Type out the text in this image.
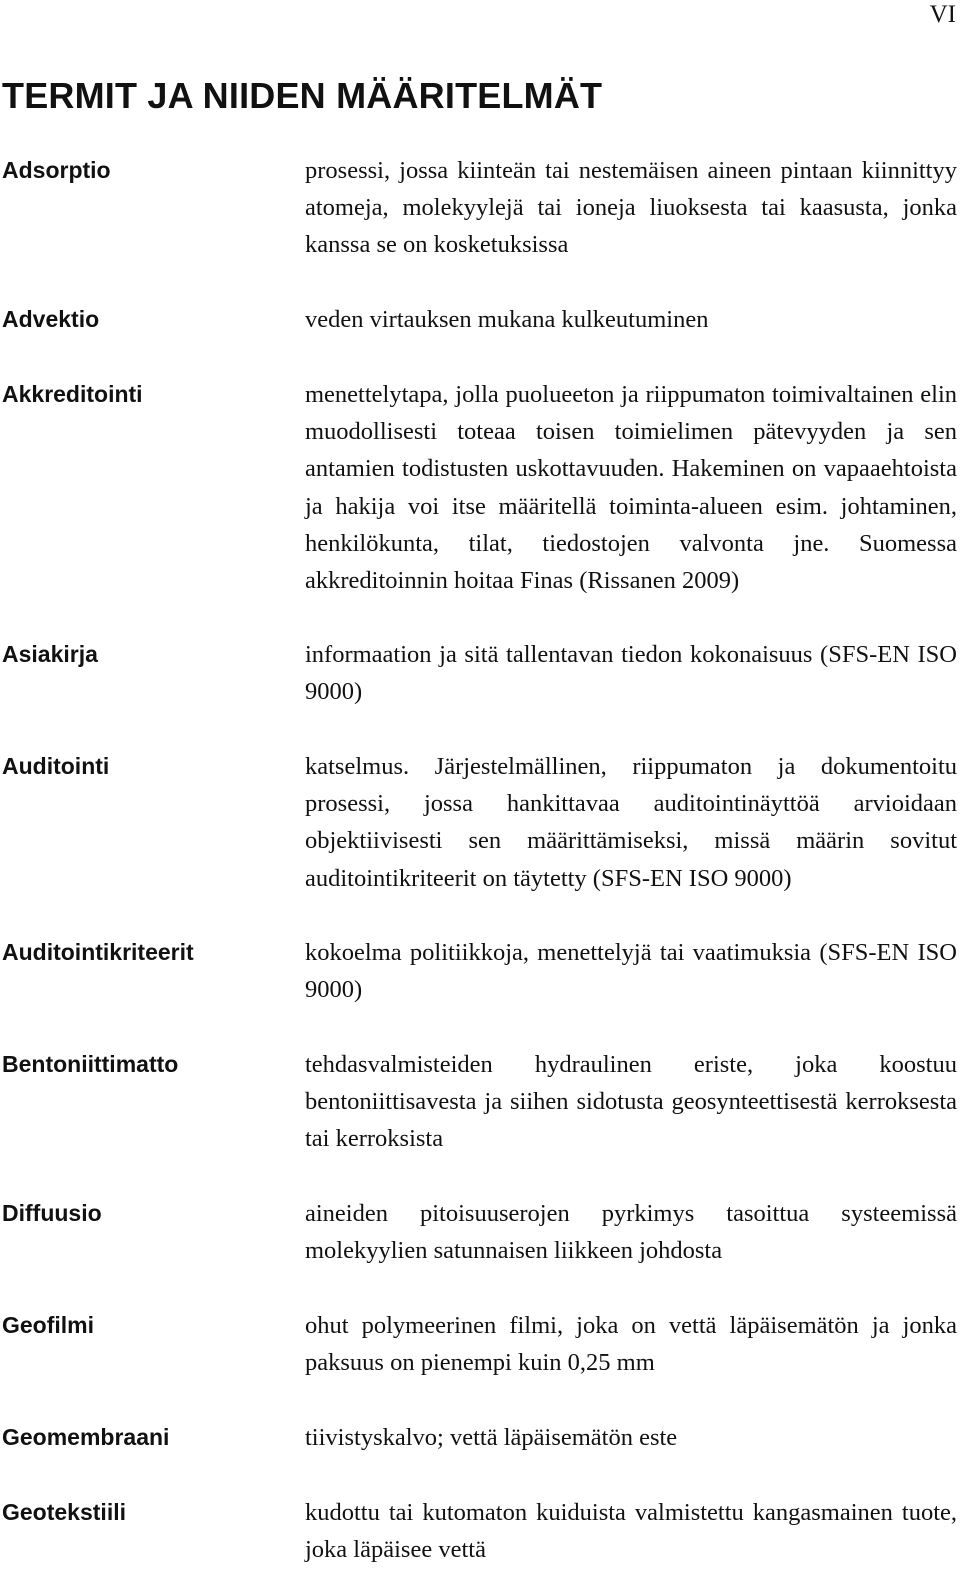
VI
TERMIT JA NIIDEN MÄÄRITELMÄT
Adsorptio	prosessi, jossa kiinteän tai nestemäisen aineen pintaan kiinnittyy atomeja, molekyylejä tai ioneja liuoksesta tai kaasusta, jonka kanssa se on kosketuksissa
Advektio	veden virtauksen mukana kulkeutuminen
Akkreditointi	menettelytapa, jolla puolueeton ja riippumaton toimivaltainen elin muodollisesti toteaa toisen toimielimen pätevyyden ja sen antamien todistusten uskottavuuden. Hakeminen on vapaaehtoista ja hakija voi itse määritellä toiminta-alueen esim. johtaminen, henkilökunta, tilat, tiedostojen valvonta jne. Suomessa akkreditoinnin hoitaa Finas (Rissanen 2009)
Asiakirja	informaation ja sitä tallentavan tiedon kokonaisuus (SFS-EN ISO 9000)
Auditointi	katselmus. Järjestelmällinen, riippumaton ja dokumentoitu prosessi, jossa hankittavaa auditointinäyttöä arvioidaan objektiivisesti sen määrittämiseksi, missä määrin sovitut auditointikriteerit on täytetty (SFS-EN ISO 9000)
Auditointikriteerit	kokoelma politiikkoja, menettelyjä tai vaatimuksia (SFS-EN ISO 9000)
Bentoniittimatto	tehdasvalmisteiden hydraulinen eriste, joka koostuu bentoniittisavesta ja siihen sidotusta geosynteettisestä kerroksesta tai kerroksista
Diffuusio	aineiden pitoisuuserojen pyrkimys tasoittua systeemissä molekyylien satunnaisen liikkeen johdosta
Geofilmi	ohut polymeerinen filmi, joka on vettä läpäisemätön ja jonka paksuus on pienempi kuin 0,25 mm
Geomembraani	tiivistyskalvo; vettä läpäisemätön este
Geotekstiili	kudottu tai kutomaton kuiduista valmistettu kangasmainen tuote, joka läpäisee vettä
